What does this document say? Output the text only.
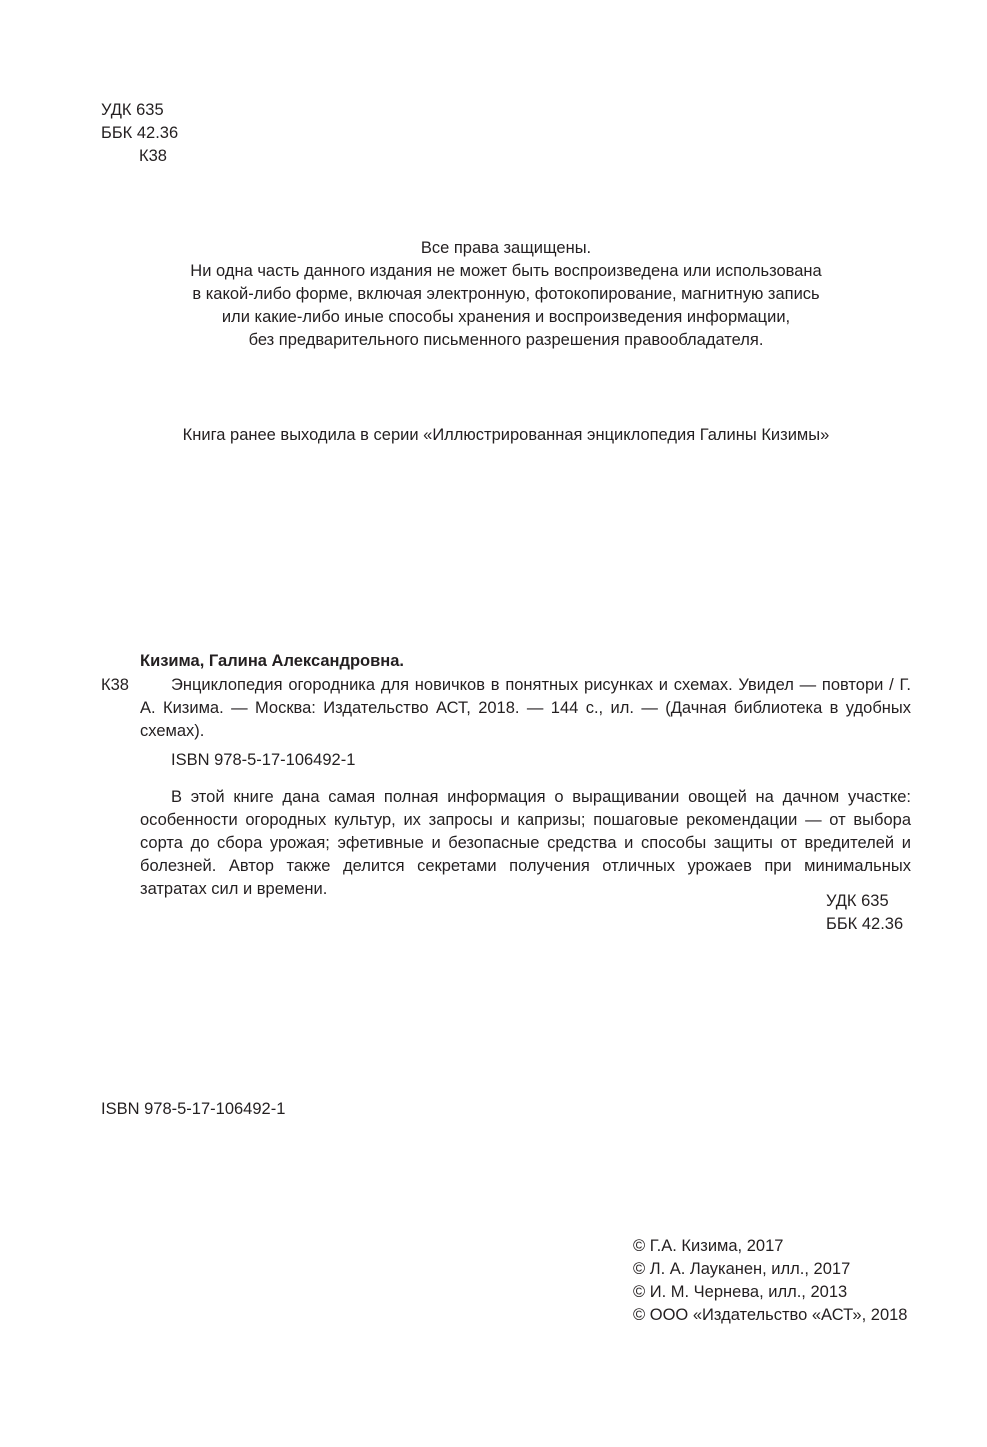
УДК 635
ББК 42.36
К38
Все права защищены.
Ни одна часть данного издания не может быть воспроизведена или использована
в какой-либо форме, включая электронную, фотокопирование, магнитную запись
или какие-либо иные способы хранения и воспроизведения информации,
без предварительного письменного разрешения правообладателя.
Книга ранее выходила в серии «Иллюстрированная энциклопедия Галины Кизимы»
Кизима, Галина Александровна.
К38	Энциклопедия огородника для новичков в понятных рисунках и схемах. Увидел — повтори / Г. А. Кизима. — Москва: Издательство АСТ, 2018. — 144 с., ил. — (Дачная библиотека в удобных схемах).
ISBN 978-5-17-106492-1

В этой книге дана самая полная информация о выращивании овощей на дачном участке: особенности огородных культур, их запросы и капризы; пошаговые рекомендации — от выбора сорта до сбора урожая; эфетивные и безопасные средства и способы защиты от вредителей и болезней. Автор также делится секретами получения отличных урожаев при минимальных затратах сил и времени.

УДК 635
ББК 42.36
ISBN 978-5-17-106492-1
© Г.А. Кизима, 2017
© Л. А. Лауканен, илл., 2017
© И. М. Чернева, илл., 2013
© ООО «Издательство «АСТ», 2018
